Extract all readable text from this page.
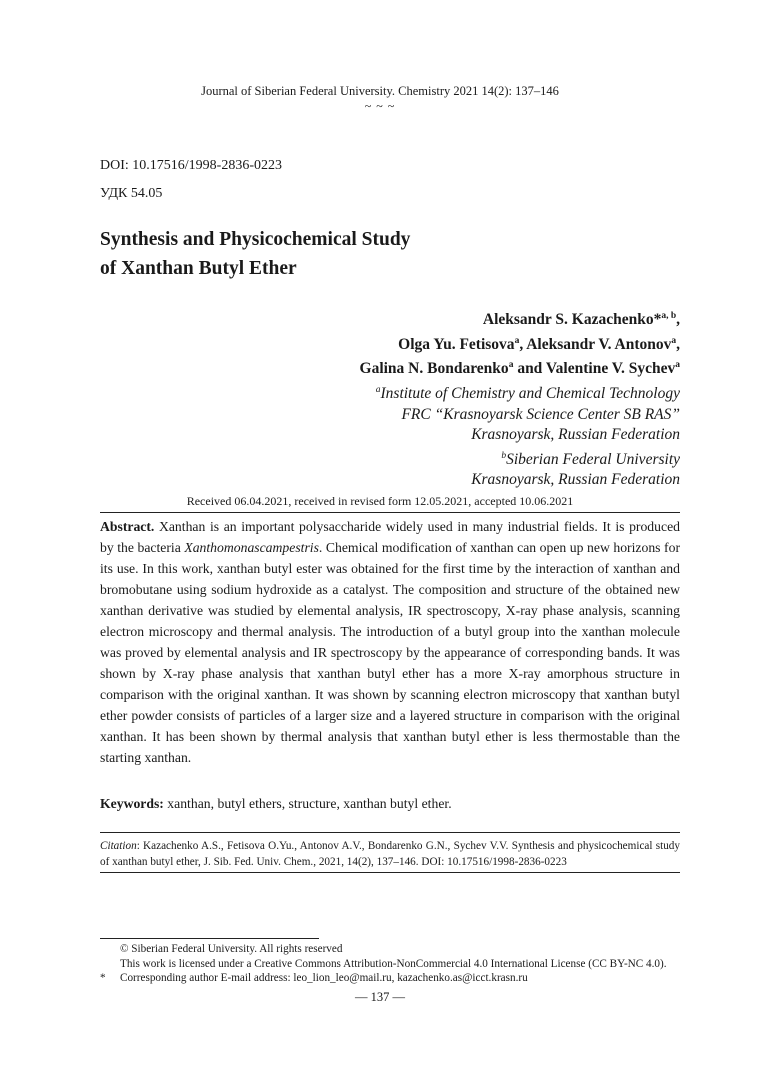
Journal of Siberian Federal University. Chemistry 2021 14(2): 137–146
~ ~ ~
DOI: 10.17516/1998-2836-0223
УДК 54.05
Synthesis and Physicochemical Study
of Xanthan Butyl Ether
Aleksandr S. Kazachenko*$^{a, b}$,
Olga Yu. Fetisova$^a$, Aleksandr V. Antonov$^a$,
Galina N. Bondarenko$^a$ and Valentine V. Sychev$^a$
$^a$Institute of Chemistry and Chemical Technology
FRC “Krasnoyarsk Science Center SB RAS”
Krasnoyarsk, Russian Federation
$^b$Siberian Federal University
Krasnoyarsk, Russian Federation
Received 06.04.2021, received in revised form 12.05.2021, accepted 10.06.2021
Abstract. Xanthan is an important polysaccharide widely used in many industrial fields. It is produced by the bacteria Xanthomonascampestris. Chemical modification of xanthan can open up new horizons for its use. In this work, xanthan butyl ester was obtained for the first time by the interaction of xanthan and bromobutane using sodium hydroxide as a catalyst. The composition and structure of the obtained new xanthan derivative was studied by elemental analysis, IR spectroscopy, X-ray phase analysis, scanning electron microscopy and thermal analysis. The introduction of a butyl group into the xanthan molecule was proved by elemental analysis and IR spectroscopy by the appearance of corresponding bands. It was shown by X-ray phase analysis that xanthan butyl ether has a more X-ray amorphous structure in comparison with the original xanthan. It was shown by scanning electron microscopy that xanthan butyl ether powder consists of particles of a larger size and a layered structure in comparison with the original xanthan. It has been shown by thermal analysis that xanthan butyl ether is less thermostable than the starting xanthan.
Keywords: xanthan, butyl ethers, structure, xanthan butyl ether.
Citation: Kazachenko A.S., Fetisova O.Yu., Antonov A.V., Bondarenko G.N., Sychev V.V. Synthesis and physicochemical study of xanthan butyl ether, J. Sib. Fed. Univ. Chem., 2021, 14(2), 137–146. DOI: 10.17516/1998-2836-0223
© Siberian Federal University. All rights reserved
This work is licensed under a Creative Commons Attribution-NonCommercial 4.0 International License (CC BY-NC 4.0).
* Corresponding author E-mail address: leo_lion_leo@mail.ru, kazachenko.as@icct.krasn.ru
— 137 —
